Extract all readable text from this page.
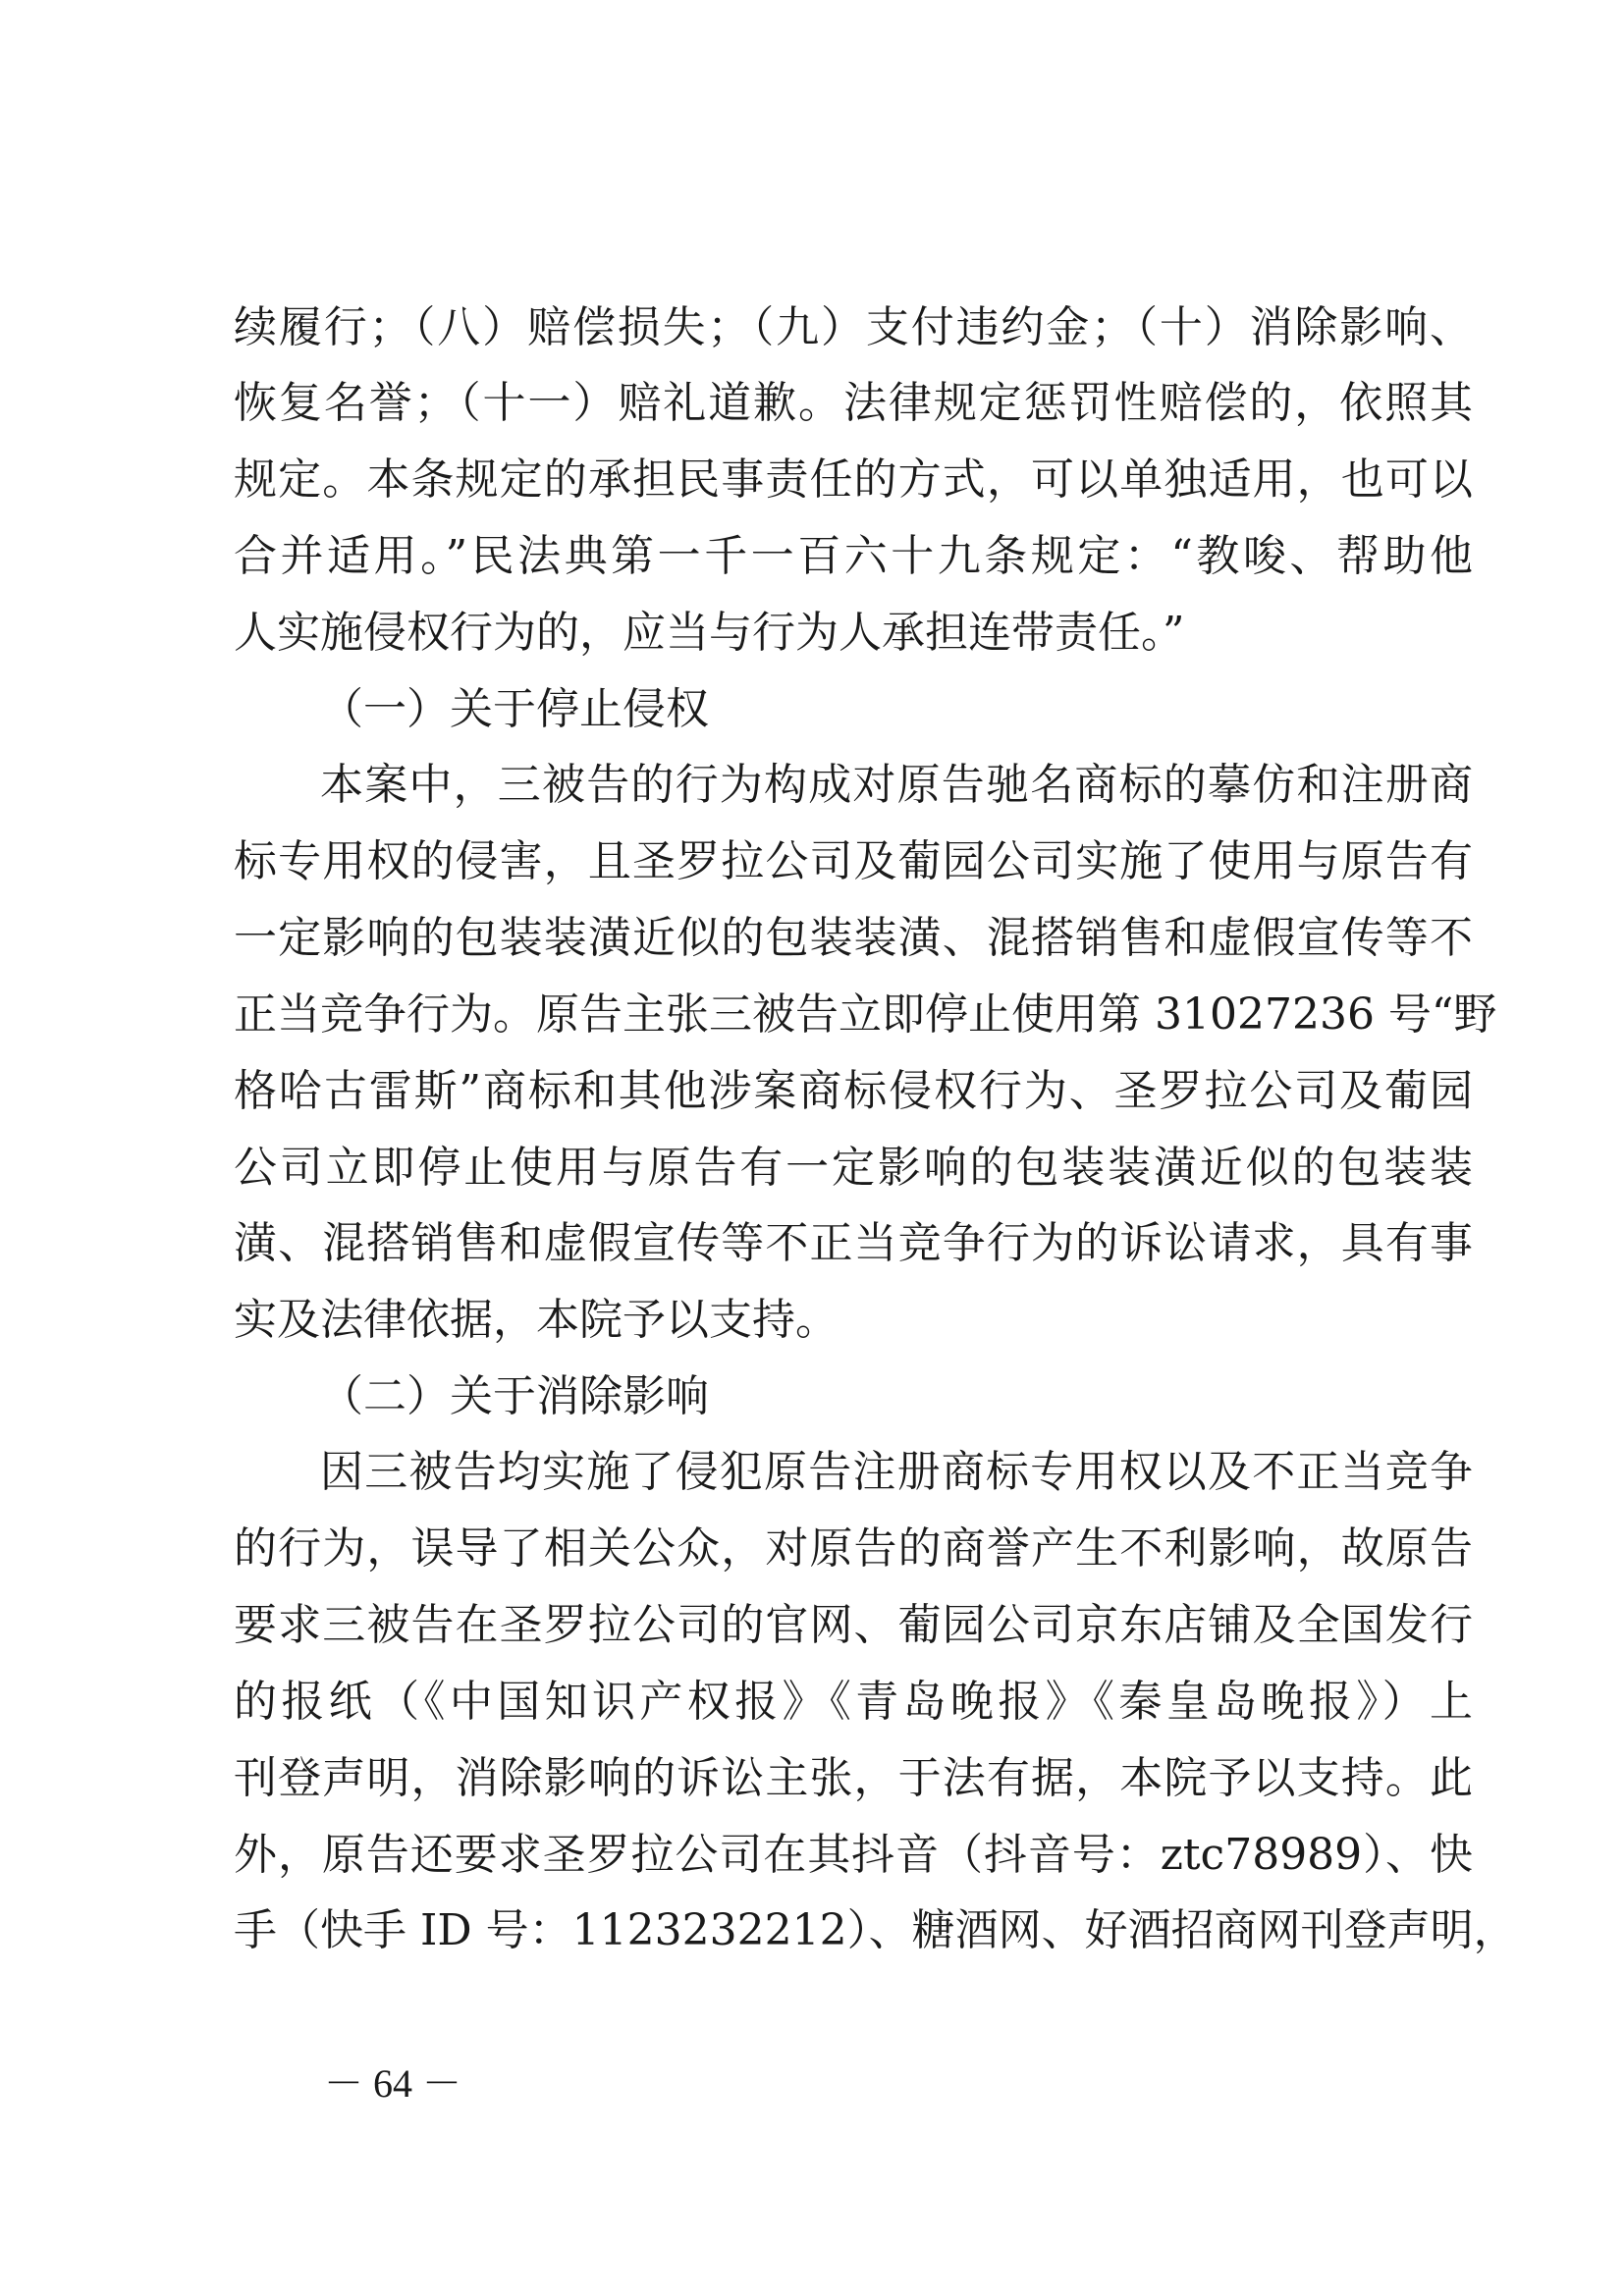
续履行；（八）赔偿损失；（九）支付违约金；（十）消除影响、
恢复名誉；（十一）赔礼道歉。法律规定惩罚性赔偿的，依照其
规定。本条规定的承担民事责任的方式，可以单独适用，也可以
合并适用。”民法典第一千一百六十九条规定：“教唆、帮助他
人实施侵权行为的，应当与行为人承担连带责任。”
（一）关于停止侵权
本案中，三被告的行为构成对原告驰名商标的摹仿和注册商
标专用权的侵害，且圣罗拉公司及葡园公司实施了使用与原告有
一定影响的包装装潢近似的包装装潢、混搭销售和虚假宣传等不
正当竞争行为。原告主张三被告立即停止使用第 31027236 号“野
格哈古雷斯”商标和其他涉案商标侵权行为、圣罗拉公司及葡园
公司立即停止使用与原告有一定影响的包装装潢近似的包装装
潢、混搭销售和虚假宣传等不正当竞争行为的诉讼请求，具有事
实及法律依据，本院予以支持。
（二）关于消除影响
因三被告均实施了侵犯原告注册商标专用权以及不正当竞争
的行为，误导了相关公众，对原告的商誉产生不利影响，故原告
要求三被告在圣罗拉公司的官网、葡园公司京东店铺及全国发行
的报纸（《中国知识产权报》《青岛晚报》《秦皇岛晚报》）上
刊登声明，消除影响的诉讼主张，于法有据，本院予以支持。此
外，原告还要求圣罗拉公司在其抖音（抖音号：ztc78989）、快
手（快手 ID 号：1123232212）、糖酒网、好酒招商网刊登声明，
－ 64 －
